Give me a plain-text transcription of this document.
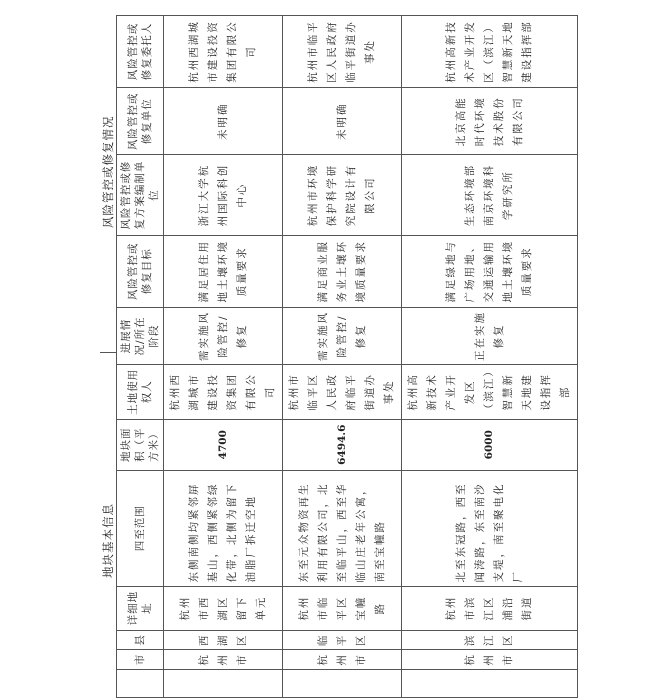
地块基本信息
风险管控或修复情况
	市	县	详细地址	四至范围	地块面积（平方米）	土地使用权人	进展情况/所在阶段	风险管控或修复目标	风险管控或修复方案编制单位	风险管控或修复单位	风险管控或修复委托人
	杭州市	西湖区	杭州市西湖区留下单元	东侧南侧均紧邻屏基山，西侧紧邻绿化带，北侧为留下油脂厂拆迁空地	4700	杭州西湖城市建设投资集团有限公司	需实施风险管控/修复	满足居住用地土壤环境质量要求	浙江大学杭州国际科创中心	未明确	杭州西湖城市建设投资集团有限公司
	杭州市	临平区	杭州市临平区宝幢路	东至元众物资再生利用有限公司，北至临平山，西至华临山庄老年公寓，南至宝幢路	6494.6	杭州市临平区人民政府临平街道办事处	需实施风险管控/修复	满足商业服务业土壤环境质量要求	杭州市环境保护科学研究院设计有限公司	未明确	杭州市临平区人民政府临平街道办事处
	杭州市	滨江区	杭州市滨江区浦沿街道	北至东冠路，西至闻涛路，东至南沙支堤，南至聚电化厂	6000	杭州高新技术产业开发区（滨江）智慧新天地建设指挥部	正在实施修复	满足绿地与广场用地、交通运输用地土壤环境质量要求	生态环境部南京环境科学研究所	北京高能时代环境技术股份有限公司	杭州高新技术产业开发区（滨江）智慧新天地建设指挥部
